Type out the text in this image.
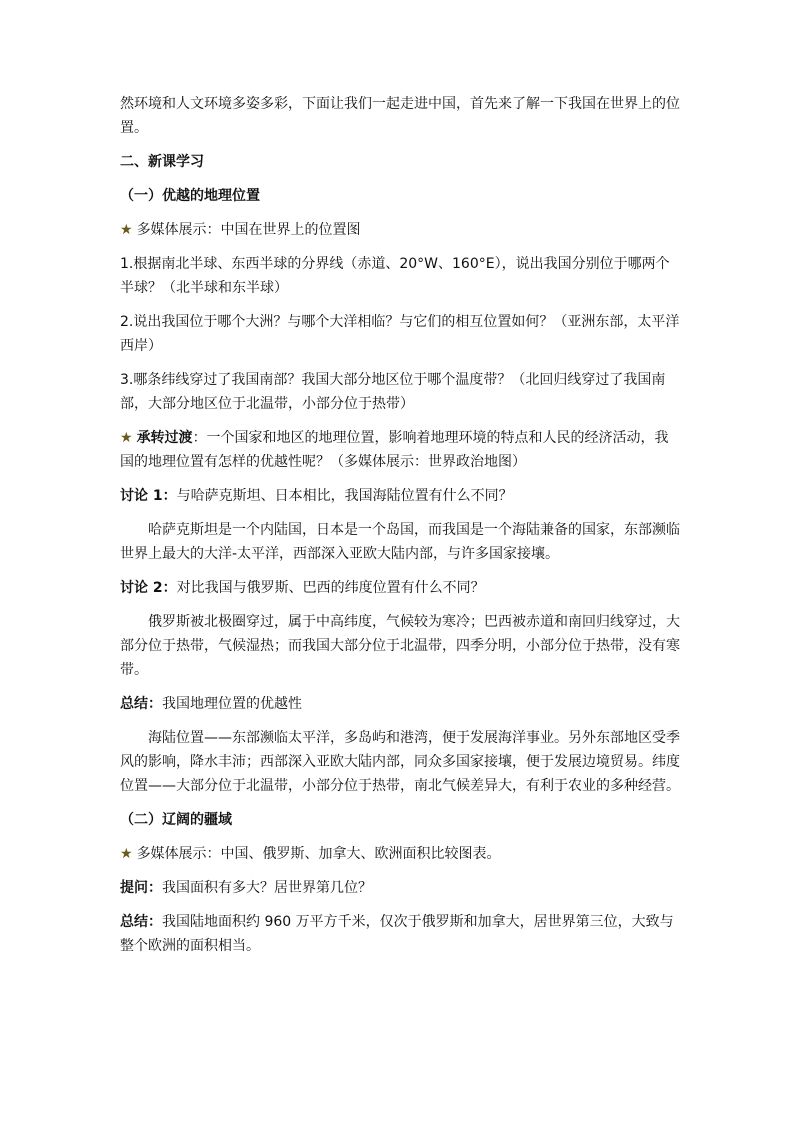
然环境和人文环境多姿多彩，下面让我们一起走进中国，首先来了解一下我国在世界上的位置。

二、新课学习

（一）优越的地理位置

★ 多媒体展示：中国在世界上的位置图

1.根据南北半球、东西半球的分界线（赤道、20°W、160°E），说出我国分别位于哪两个半球？（北半球和东半球）

2.说出我国位于哪个大洲？与哪个大洋相临？与它们的相互位置如何？（亚洲东部，太平洋西岸）

3.哪条纬线穿过了我国南部？我国大部分地区位于哪个温度带？（北回归线穿过了我国南部，大部分地区位于北温带，小部分位于热带）

★ 承转过渡：一个国家和地区的地理位置，影响着地理环境的特点和人民的经济活动，我国的地理位置有怎样的优越性呢？（多媒体展示：世界政治地图）

讨论 1：与哈萨克斯坦、日本相比，我国海陆位置有什么不同？

哈萨克斯坦是一个内陆国，日本是一个岛国，而我国是一个海陆兼备的国家，东部濒临世界上最大的大洋-太平洋，西部深入亚欧大陆内部，与许多国家接壤。

讨论 2：对比我国与俄罗斯、巴西的纬度位置有什么不同？

俄罗斯被北极圈穿过，属于中高纬度，气候较为寒冷；巴西被赤道和南回归线穿过，大部分位于热带，气候湿热；而我国大部分位于北温带，四季分明，小部分位于热带，没有寒带。

总结：我国地理位置的优越性

海陆位置——东部濒临太平洋，多岛屿和港湾，便于发展海洋事业。另外东部地区受季风的影响，降水丰沛；西部深入亚欧大陆内部，同众多国家接壤，便于发展边境贸易。纬度位置——大部分位于北温带，小部分位于热带，南北气候差异大，有利于农业的多种经营。

（二）辽阔的疆域

★ 多媒体展示：中国、俄罗斯、加拿大、欧洲面积比较图表。

提问：我国面积有多大？居世界第几位？

总结：我国陆地面积约 960 万平方千米，仅次于俄罗斯和加拿大，居世界第三位，大致与整个欧洲的面积相当。
